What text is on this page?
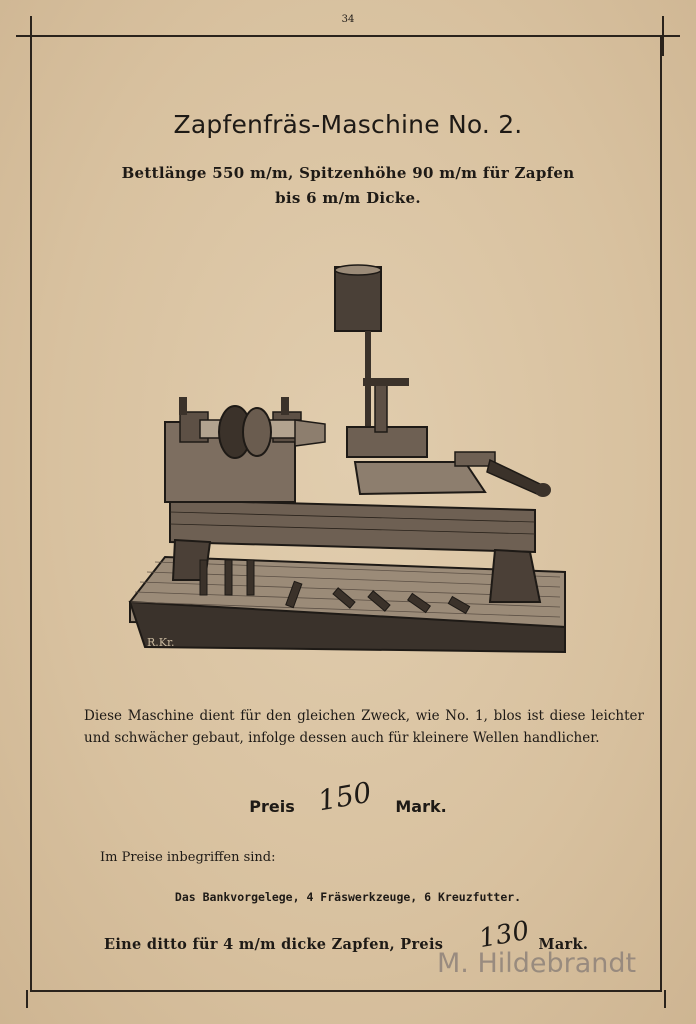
34
Zapfenfräs-Maschine No. 2.
Bettlänge 550 m/m, Spitzenhöhe 90 m/m für Zapfen
bis 6 m/m Dicke.
R.Kr.
Diese Maschine dient für den gleichen Zweck, wie No. 1, blos ist diese leichter und schwächer gebaut, infolge dessen auch für kleinere Wellen handlicher.
Preis 150 Mark.
Im Preise inbegriffen sind:
Das Bankvorgelege, 4 Fräswerkzeuge, 6 Kreuzfutter.
Eine ditto für 4 m/m dicke Zapfen, Preis 130 Mark.
M. Hildebrandt
